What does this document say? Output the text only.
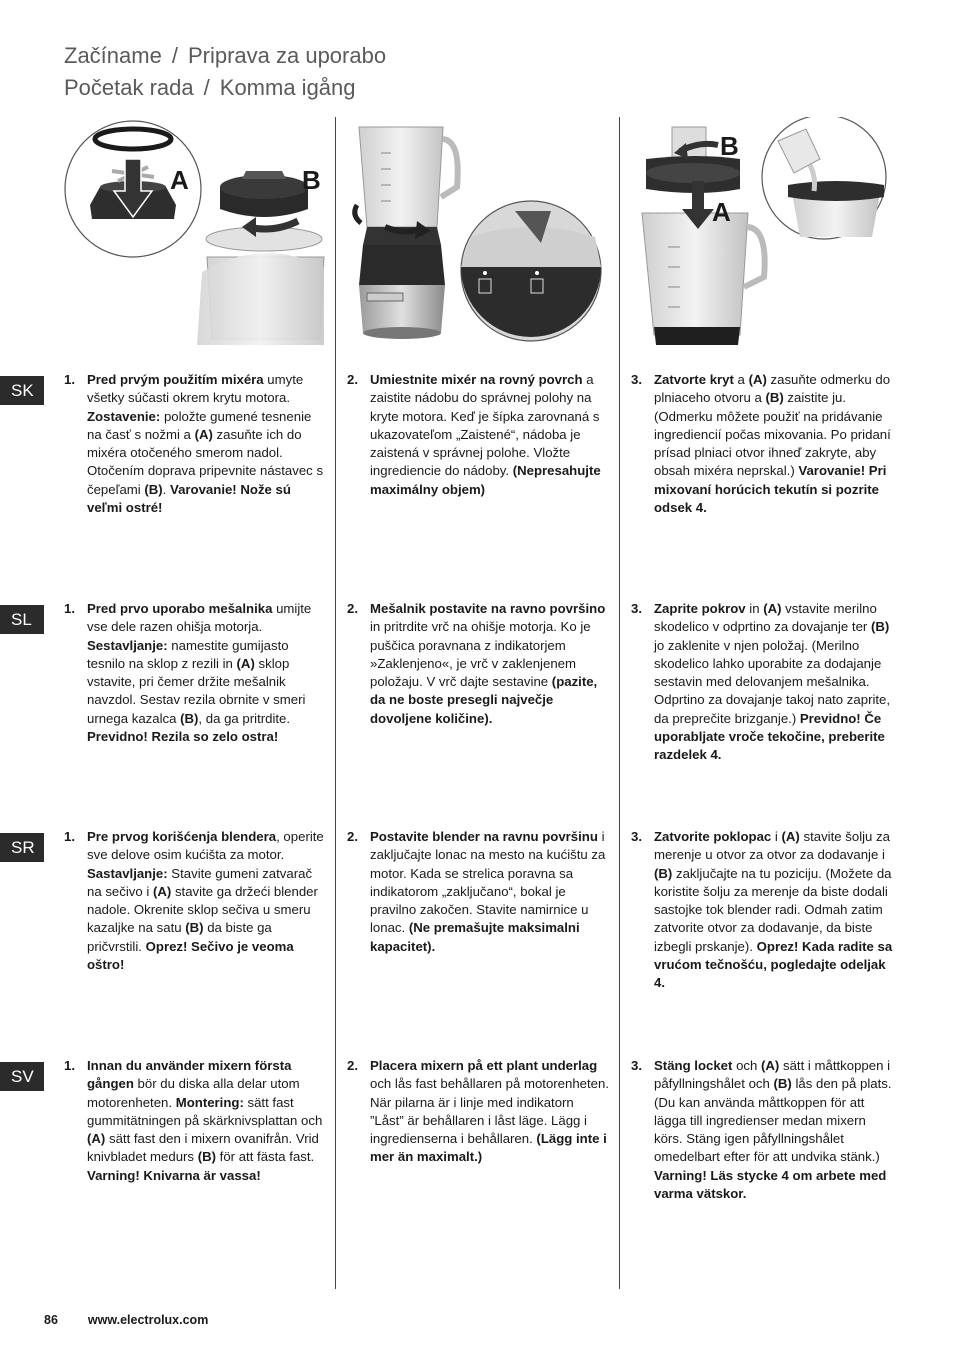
Začíname / Priprava za uporabo
Početak rada / Komma igång
A	B
B
A
SK
SL
SR
SV
1. Pred prvým použitím mixéra umyte všetky súčasti okrem krytu motora. Zostavenie: položte gumené tesnenie na časť s nožmi a (A) zasuňte ich do mixéra otočeného smerom nadol. Otočením doprava pripevnite nástavec s čepeľami (B). Varovanie! Nože sú veľmi ostré!
2. Umiestnite mixér na rovný povrch a zaistite nádobu do správnej polohy na kryte motora. Keď je šípka zarovnaná s ukazovateľom „Zaistené“, nádoba je zaistená v správnej polohe. Vložte ingrediencie do nádoby. (Nepresahujte maximálny objem)
3. Zatvorte kryt a (A) zasuňte odmerku do plniaceho otvoru a (B) zaistite ju. (Odmerku môžete použiť na pridávanie ingrediencií počas mixovania. Po pridaní prísad plniaci otvor ihneď zakryte, aby obsah mixéra neprskal.) Varovanie! Pri mixovaní horúcich tekutín si pozrite odsek 4.
1. Pred prvo uporabo mešalnika umijte vse dele razen ohišja motorja. Sestavljanje: namestite gumijasto tesnilo na sklop z rezili in (A) sklop vstavite, pri čemer držite mešalnik navzdol. Sestav rezila obrnite v smeri urnega kazalca (B), da ga pritrdite. Previdno! Rezila so zelo ostra!
2. Mešalnik postavite na ravno površino in pritrdite vrč na ohišje motorja. Ko je puščica poravnana z indikatorjem »Zaklenjeno«, je vrč v zaklenjenem položaju. V vrč dajte sestavine (pazite, da ne boste presegli največje dovoljene količine).
3. Zaprite pokrov in (A) vstavite merilno skodelico v odprtino za dovajanje ter (B) jo zaklenite v njen položaj. (Merilno skodelico lahko uporabite za dodajanje sestavin med delovanjem mešalnika. Odprtino za dovajanje takoj nato zaprite, da preprečite brizganje.) Previdno! Če uporabljate vroče tekočine, preberite razdelek 4.
1. Pre prvog korišćenja blendera, operite sve delove osim kućišta za motor. Sastavljanje: Stavite gumeni zatvarač na sečivo i (A) stavite ga držeći blender nadole. Okrenite sklop sečiva u smeru kazaljke na satu (B) da biste ga pričvrstili. Oprez! Sečivo je veoma oštro!
2. Postavite blender na ravnu površinu i zaključajte lonac na mesto na kućištu za motor. Kada se strelica poravna sa indikatorom „zaključano“, bokal je pravilno zakočen. Stavite namirnice u lonac. (Ne premašujte maksimalni kapacitet).
3. Zatvorite poklopac i (A) stavite šolju za merenje u otvor za otvor za dodavanje i (B) zaključajte na tu poziciju. (Možete da koristite šolju za merenje da biste dodali sastojke tok blender radi. Odmah zatim zatvorite otvor za dodavanje, da biste izbegli prskanje). Oprez! Kada radite sa vrućom tečnošću, pogledajte odeljak 4.
1. Innan du använder mixern första gången bör du diska alla delar utom motorenheten. Montering: sätt fast gummitätningen på skärknivsplattan och (A) sätt fast den i mixern ovanifrån. Vrid knivbladet medurs (B) för att fästa fast. Varning! Knivarna är vassa!
2. Placera mixern på ett plant underlag och lås fast behållaren på motorenheten. När pilarna är i linje med indikatorn ”Låst” är behållaren i låst läge. Lägg i ingredienserna i behållaren. (Lägg inte i mer än maximalt.)
3. Stäng locket och (A) sätt i måttkoppen i påfyllningshålet och (B) lås den på plats. (Du kan använda måttkoppen för att lägga till ingredienser medan mixern körs. Stäng igen påfyllningshålet omedelbart efter för att undvika stänk.) Varning! Läs stycke 4 om arbete med varma vätskor.
86 www.electrolux.com
